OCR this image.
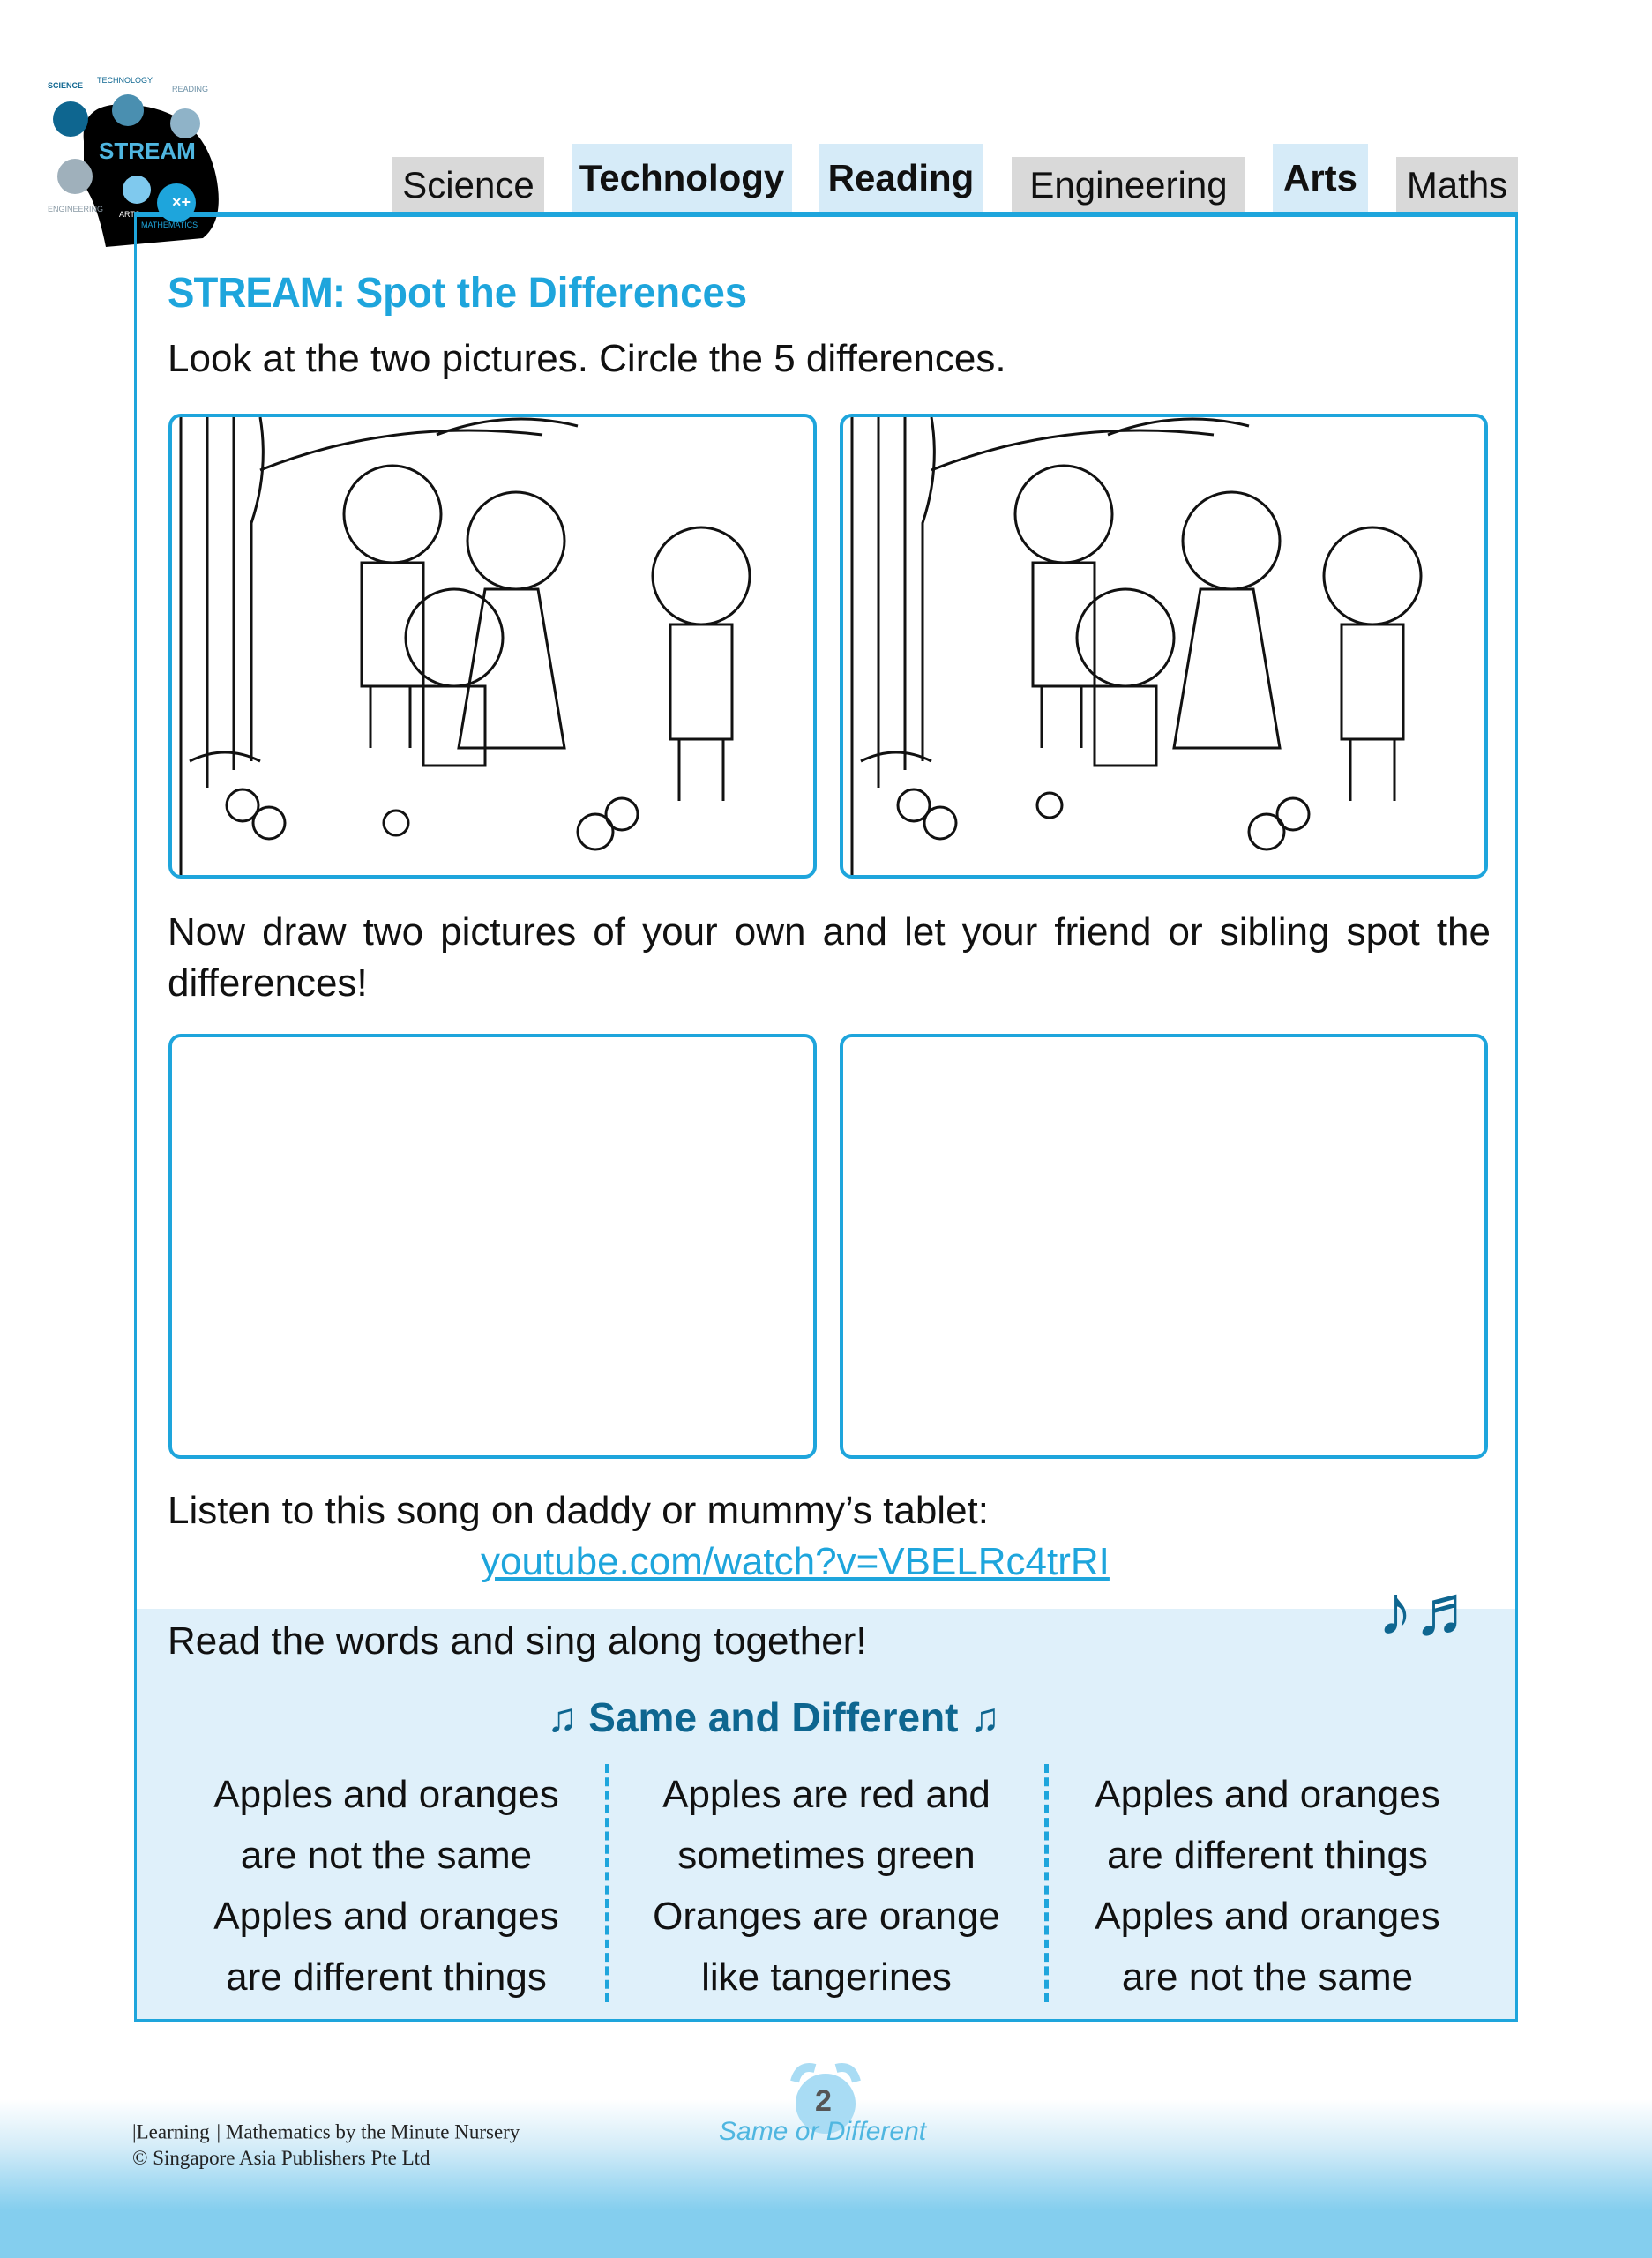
×+
STREAM
SCIENCE
TECHNOLOGY
READING
ENGINEERING
ARTS
MATHEMATICS
Science Technology Reading Engineering Arts Maths
STREAM: Spot the Differences
Look at the two pictures. Circle the 5 differences.
Now draw two pictures of your own and let your friend or sibling spot the differences!
Listen to this song on daddy or mummy’s tablet:
youtube.com/watch?v=VBELRc4trRI
♪♬
Read the words and sing along together!
♫ Same and Different ♫
Apples and oranges
are not the same
Apples and oranges
are different things
Apples are red and
sometimes green
Oranges are orange
like tangerines
Apples and oranges
are different things
Apples and oranges
are not the same
|Learning+| Mathematics by the Minute Nursery
© Singapore Asia Publishers Pte Ltd
2
Same or Different
